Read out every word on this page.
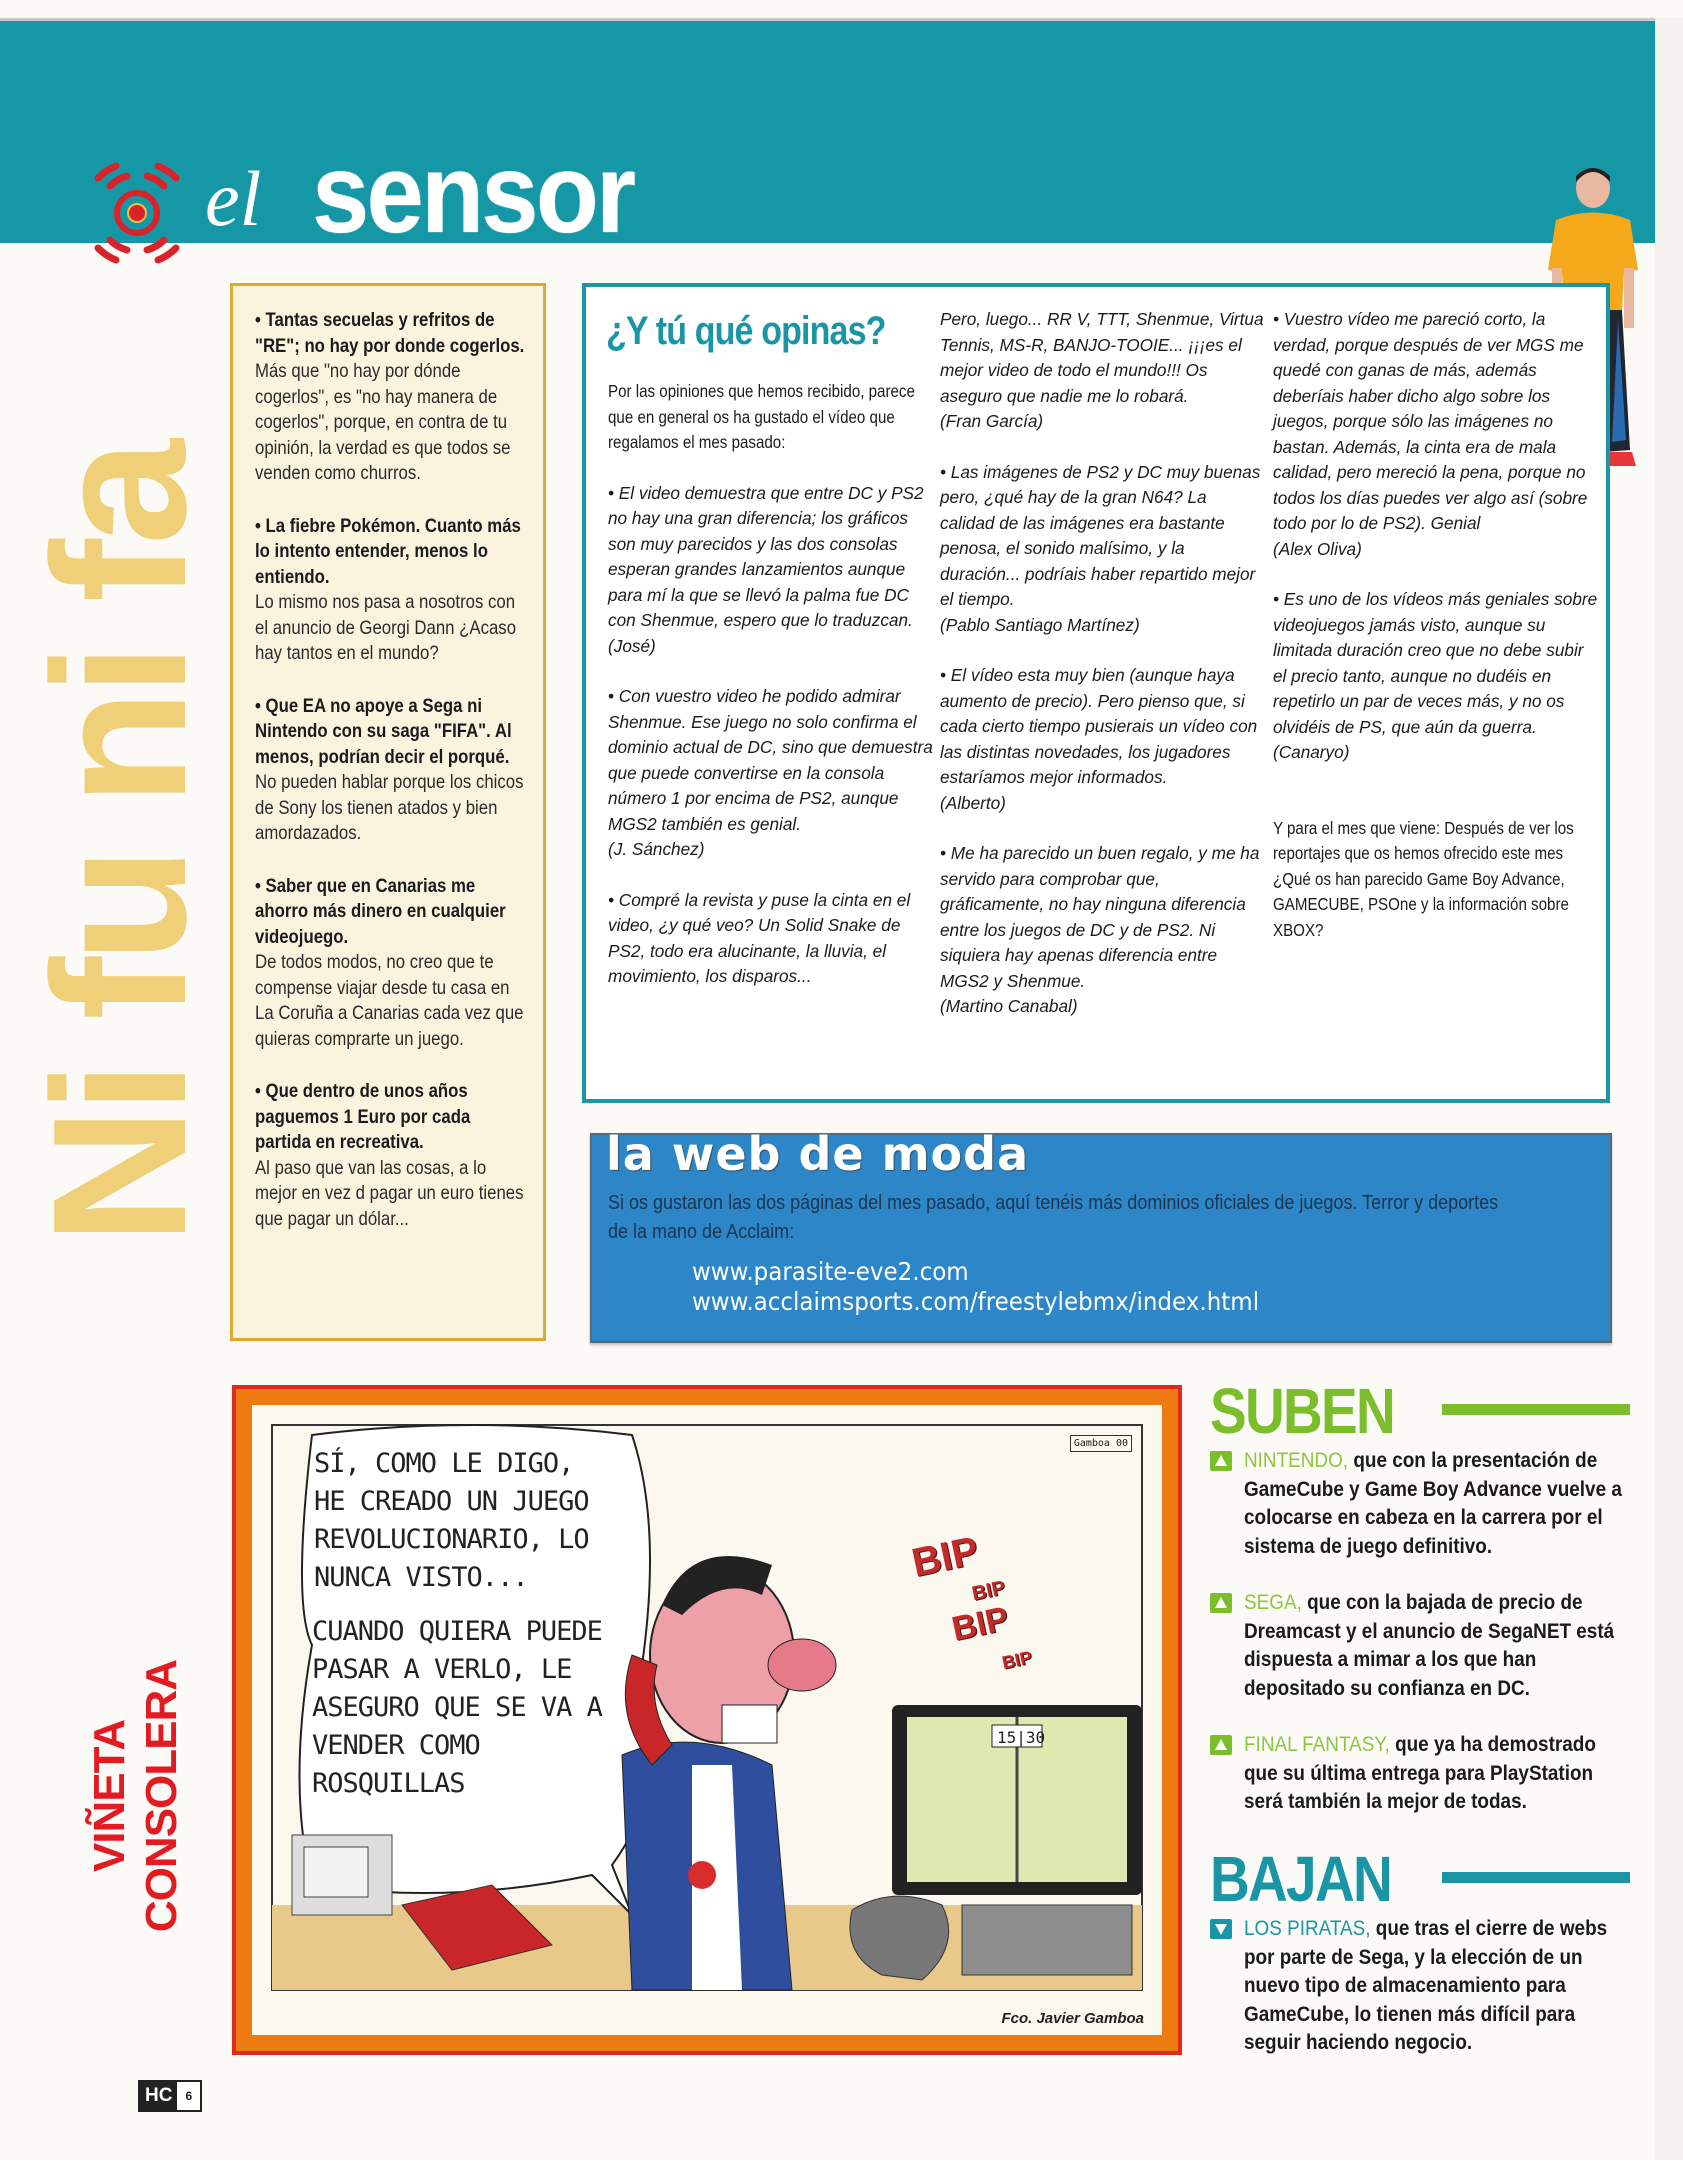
el sensor
Ni fu ni fa
• Tantas secuelas y refritos de "RE"; no hay por donde cogerlos.
Más que "no hay por dónde cogerlos", es "no hay manera de cogerlos", porque, en contra de tu opinión, la verdad es que todos se venden como churros.
• La fiebre Pokémon. Cuanto más lo intento entender, menos lo entiendo.
Lo mismo nos pasa a nosotros con el anuncio de Georgi Dann ¿Acaso hay tantos en el mundo?
• Que EA no apoye a Sega ni Nintendo con su saga "FIFA". Al menos, podrían decir el porqué.
No pueden hablar porque los chicos de Sony los tienen atados y bien amordazados.
• Saber que en Canarias me ahorro más dinero en cualquier videojuego.
De todos modos, no creo que te compense viajar desde tu casa en La Coruña a Canarias cada vez que quieras comprarte un juego.
• Que dentro de unos años paguemos 1 Euro por cada partida en recreativa.
Al paso que van las cosas, a lo mejor en vez d pagar un euro tienes que pagar un dólar...
¿Y tú qué opinas?

Por las opiniones que hemos recibido, parece que en general os ha gustado el vídeo que regalamos el mes pasado:

• El video demuestra que entre DC y PS2 no hay una gran diferencia; los gráficos son muy parecidos y las dos consolas esperan grandes lanzamientos aunque para mí la que se llevó la palma fue DC con Shenmue, espero que lo traduzcan.
(José)

• Con vuestro video he podido admirar Shenmue. Ese juego no solo confirma el dominio actual de DC, sino que demuestra que puede convertirse en la consola número 1 por encima de PS2, aunque MGS2 también es genial.
(J. Sánchez)

• Compré la revista y puse la cinta en el video, ¿y qué veo? Un Solid Snake de PS2, todo era alucinante, la lluvia, el movimiento, los disparos...

Pero, luego... RR V, TTT, Shenmue, Virtua Tennis, MS-R, BANJO-TOOIE... ¡¡¡es el mejor video de todo el mundo!!! Os aseguro que nadie me lo robará.
(Fran García)

• Las imágenes de PS2 y DC muy buenas pero, ¿qué hay de la gran N64? La calidad de las imágenes era bastante penosa, el sonido malísimo, y la duración... podríais haber repartido mejor el tiempo.
(Pablo Santiago Martínez)

• El vídeo esta muy bien (aunque haya aumento de precio). Pero pienso que, si cada cierto tiempo pusierais un vídeo con las distintas novedades, los jugadores estaríamos mejor informados.
(Alberto)

• Me ha parecido un buen regalo, y me ha servido para comprobar que, gráficamente, no hay ninguna diferencia entre los juegos de DC y de PS2. Ni siquiera hay apenas diferencia entre MGS2 y Shenmue.
(Martino Canabal)

• Vuestro vídeo me pareció corto, la verdad, porque después de ver MGS me quedé con ganas de más, además deberíais haber dicho algo sobre los juegos, porque sólo las imágenes no bastan. Además, la cinta era de mala calidad, pero mereció la pena, porque no todos los días puedes ver algo así (sobre todo por lo de PS2). Genial
(Alex Oliva)

• Es uno de los vídeos más geniales sobre videojuegos jamás visto, aunque su limitada duración creo que no debe subir el precio tanto, aunque no dudéis en repetirlo un par de veces más, y no os olvidéis de PS, que aún da guerra.
(Canaryo)

Y para el mes que viene: Después de ver los reportajes que os hemos ofrecido este mes ¿Qué os han parecido Game Boy Advance, GAMECUBE, PSOne y la información sobre XBOX?

la web de moda
Si os gustaron las dos páginas del mes pasado, aquí tenéis más dominios oficiales de juegos. Terror y deportes de la mano de Acclaim:
www.parasite-eve2.com
www.acclaimsports.com/freestylebmx/index.html
VIÑETA CONSOLERA	15|30
SÍ, COMO LE DIGO, HE CREADO UN JUEGO REVOLUCIONARIO, LO NUNCA VISTO...
CUANDO QUIERA PUEDE PASAR A VERLO, LE ASEGURO QUE SE VA A VENDER COMO ROSQUILLAS
BIP
BIP
BIP
BIP
Gamboa 00
Fco. Javier Gamboa
SUBEN
NINTENDO, que con la presentación de GameCube y Game Boy Advance vuelve a colocarse en cabeza en la carrera por el sistema de juego definitivo.
SEGA, que con la bajada de precio de Dreamcast y el anuncio de SegaNET está dispuesta a mimar a los que han depositado su confianza en DC.
FINAL FANTASY, que ya ha demostrado que su última entrega para PlayStation será también la mejor de todas.
BAJAN
LOS PIRATAS, que tras el cierre de webs por parte de Sega, y la elección de un nuevo tipo de almacenamiento para GameCube, lo tienen más difícil para seguir haciendo negocio.
HC	6
